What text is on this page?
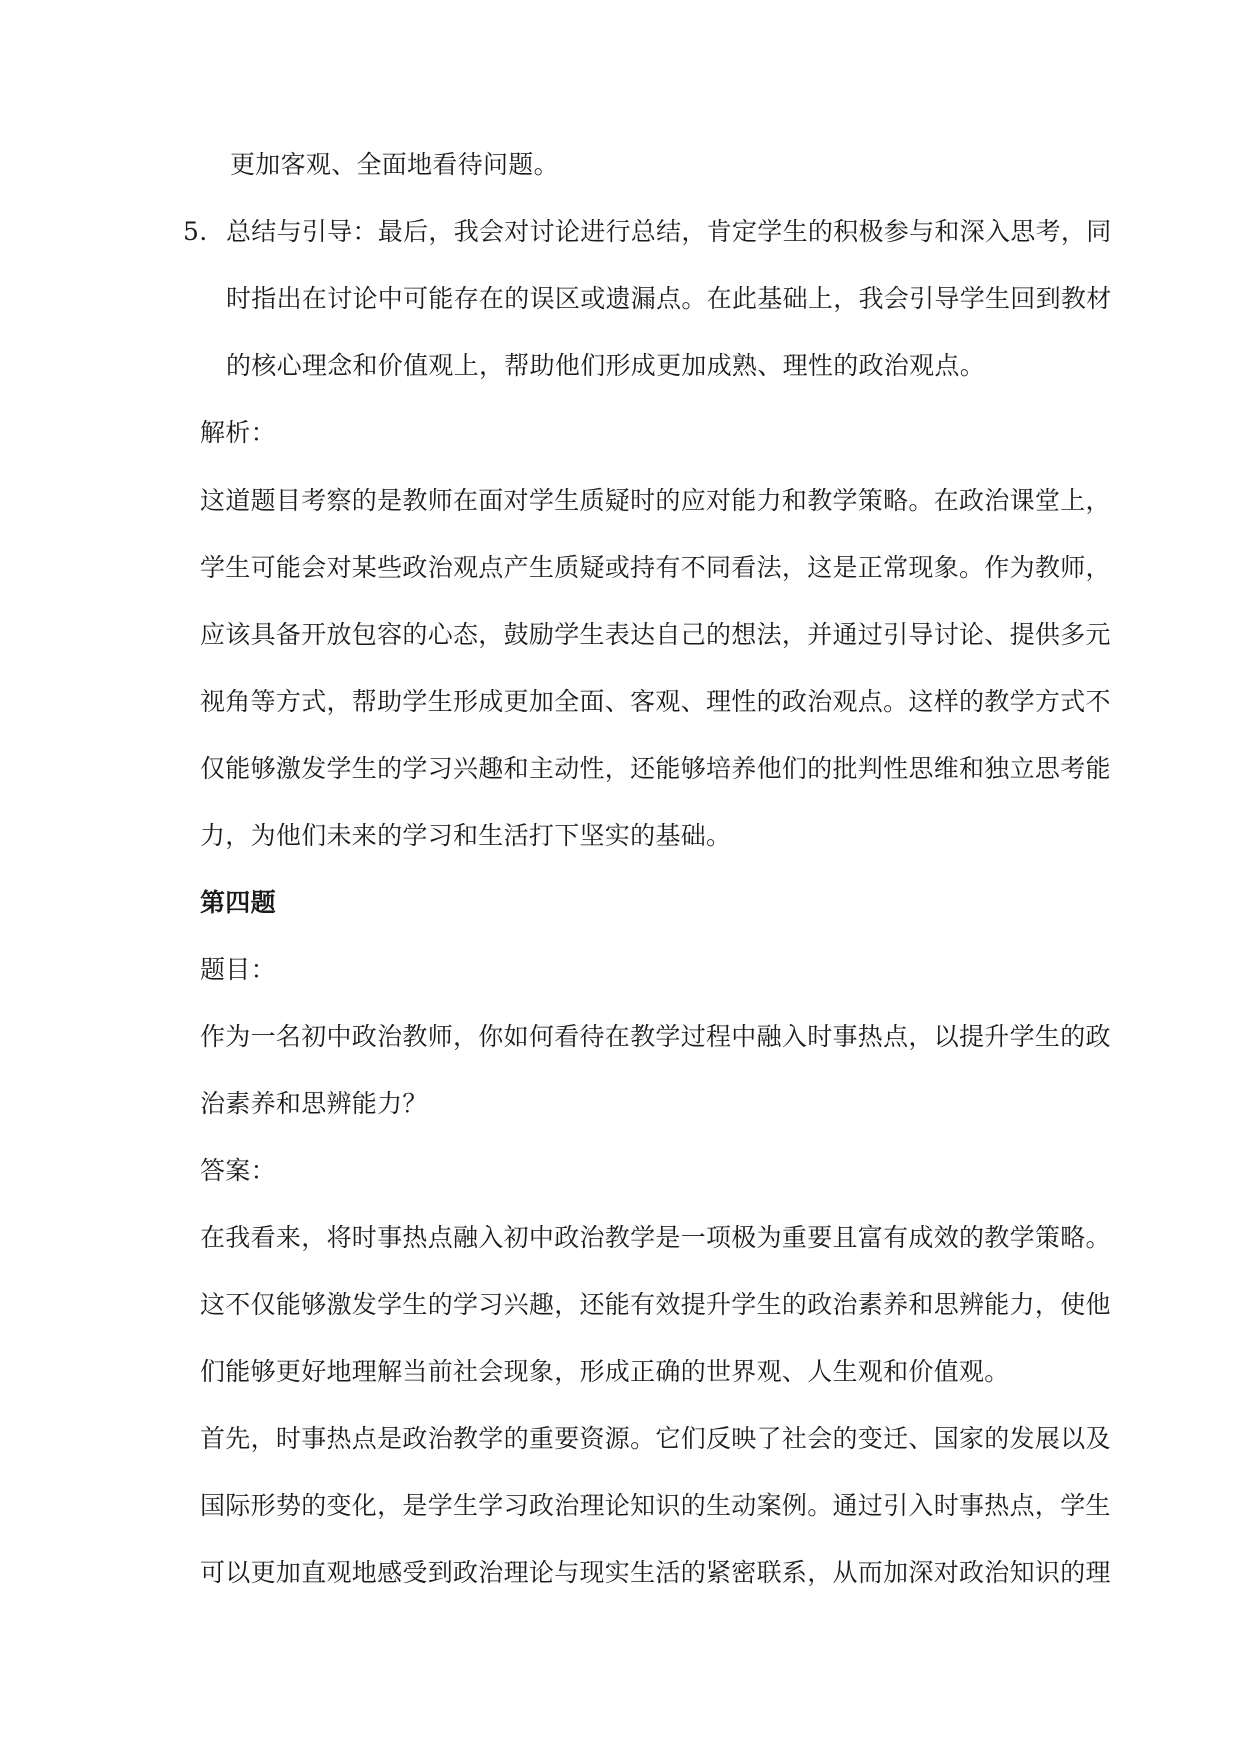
更加客观、全面地看待问题。
5. 总结与引导：最后，我会对讨论进行总结，肯定学生的积极参与和深入思考，同
时指出在讨论中可能存在的误区或遗漏点。在此基础上，我会引导学生回到教材
的核心理念和价值观上，帮助他们形成更加成熟、理性的政治观点。
解析：
这道题目考察的是教师在面对学生质疑时的应对能力和教学策略。在政治课堂上，
学生可能会对某些政治观点产生质疑或持有不同看法，这是正常现象。作为教师，
应该具备开放包容的心态，鼓励学生表达自己的想法，并通过引导讨论、提供多元
视角等方式，帮助学生形成更加全面、客观、理性的政治观点。这样的教学方式不
仅能够激发学生的学习兴趣和主动性，还能够培养他们的批判性思维和独立思考能
力，为他们未来的学习和生活打下坚实的基础。
第四题
题目：
作为一名初中政治教师，你如何看待在教学过程中融入时事热点，以提升学生的政
治素养和思辨能力？
答案：
在我看来，将时事热点融入初中政治教学是一项极为重要且富有成效的教学策略。
这不仅能够激发学生的学习兴趣，还能有效提升学生的政治素养和思辨能力，使他
们能够更好地理解当前社会现象，形成正确的世界观、人生观和价值观。
首先，时事热点是政治教学的重要资源。它们反映了社会的变迁、国家的发展以及
国际形势的变化，是学生学习政治理论知识的生动案例。通过引入时事热点，学生
可以更加直观地感受到政治理论与现实生活的紧密联系，从而加深对政治知识的理
